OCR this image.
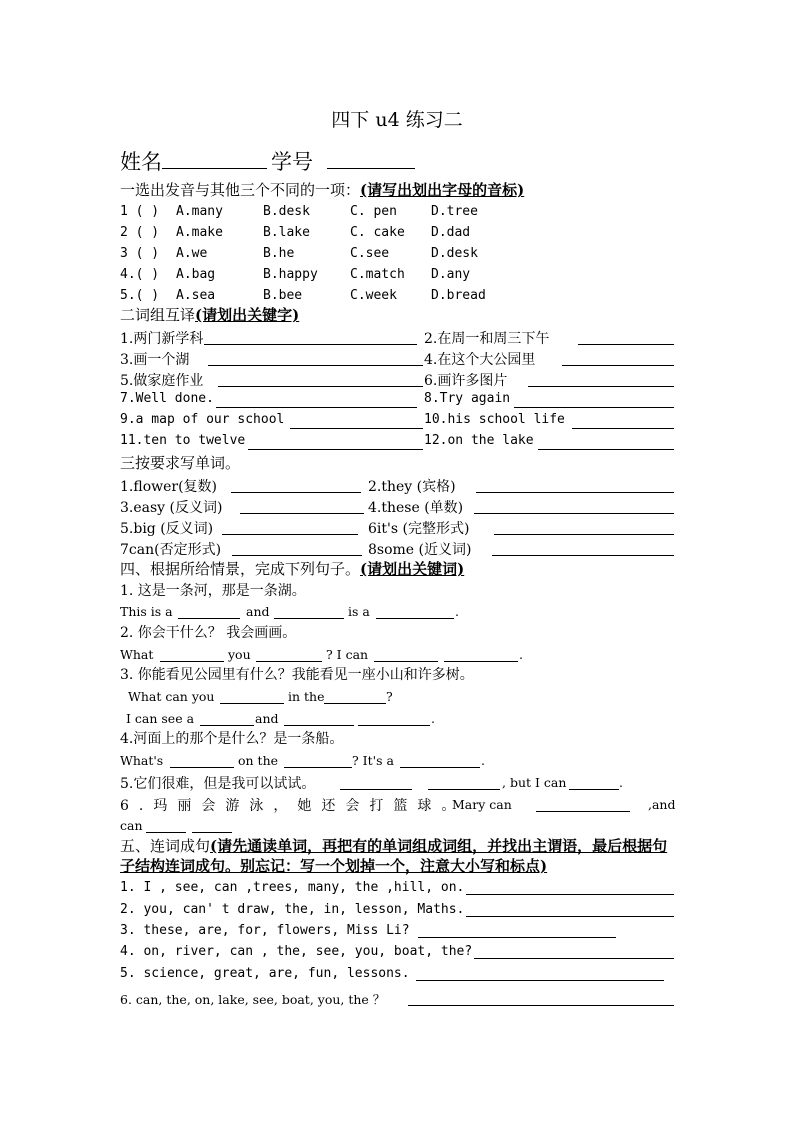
四下 u4 练习二
姓名	学号
一选出发音与其他三个不同的一项：(请写出划出字母的音标)
1 ( ) A.many	B.desk	C. pen	D.tree
2 ( ) A.make	B.lake	C. cake D.dad
3 ( ) A.we	B.he	C.see	D.desk
4.( ) A.bag	B.happy C.match D.any
5.( ) A.sea	B.bee	C.week	D.bread
二词组互译(请划出关键字)
1.两门新学科	2.在周一和周三下午
3.画一个湖	4.在这个大公园里
5.做家庭作业	6.画许多图片
7.Well done.	8.Try again
9.a map of our school	10.his school life
11.ten to twelve	12.on the lake
三按要求写单词。
1.flower(复数)	2.they (宾格)
3.easy (反义词)	4.these (单数)
5.big (反义词)	6it's (完整形式)
7can(否定形式)	8some (近义词)
四、根据所给情景，完成下列句子。(请划出关键词)
1. 这是一条河，那是一条湖。
This is a	and	is a	.
2. 你会干什么？ 我会画画。
What	you	? I can	.
3. 你能看见公园里有什么？我能看见一座小山和许多树。
What can you	in the	?
I can see a	and	.
4.河面上的那个是什么？是一条船。
What's	on the	? It's a	.
5.它们很难，但是我可以试试。	, but I can	.
6.玛丽会游泳，她还会打篮球。
Mary can	,and
can
五、连词成句(请先通读单词，再把有的单词组成词组，并找出主谓语，最后根据句子结构连词成句。别忘记：写一个划掉一个，注意大小写和标点)
1. I , see, can ,trees, many, the ,hill, on.
2. you, can' t draw, the, in, lesson, Maths.
3. these, are, for, flowers, Miss Li?
4. on, river, can , the, see, you, boat, the?
5. science, great, are, fun, lessons.
6. can, the, on, lake, see, boat, you, the ？
